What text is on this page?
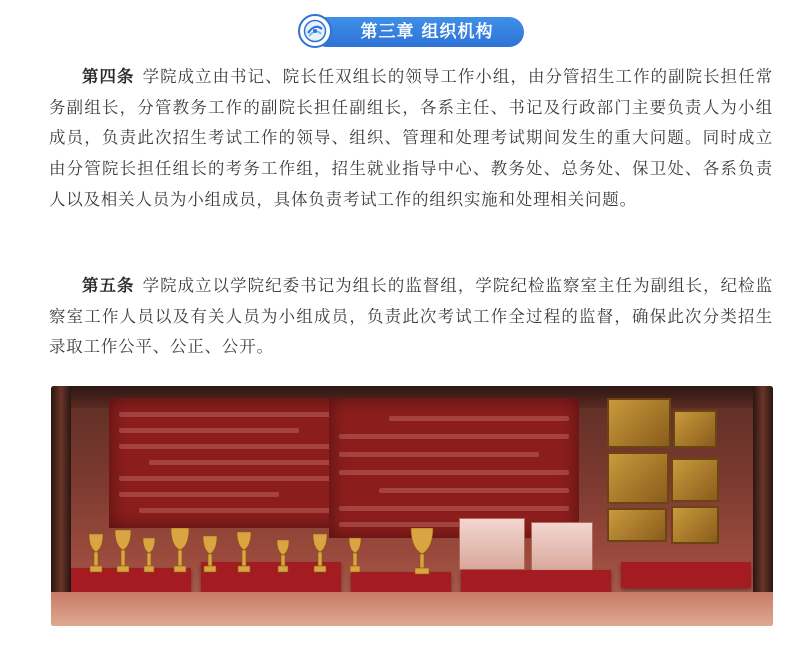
第三章 组织机构
第四条 学院成立由书记、院长任双组长的领导工作小组，由分管招生工作的副院长担任常务副组长，分管教务工作的副院长担任副组长，各系主任、书记及行政部门主要负责人为小组成员，负责此次招生考试工作的领导、组织、管理和处理考试期间发生的重大问题。同时成立由分管院长担任组长的考务工作组，招生就业指导中心、教务处、总务处、保卫处、各系负责人以及相关人员为小组成员，具体负责考试工作的组织实施和处理相关问题。
第五条 学院成立以学院纪委书记为组长的监督组，学院纪检监察室主任为副组长，纪检监察室工作人员以及有关人员为小组成员，负责此次考试工作全过程的监督，确保此次分类招生录取工作公平、公正、公开。
